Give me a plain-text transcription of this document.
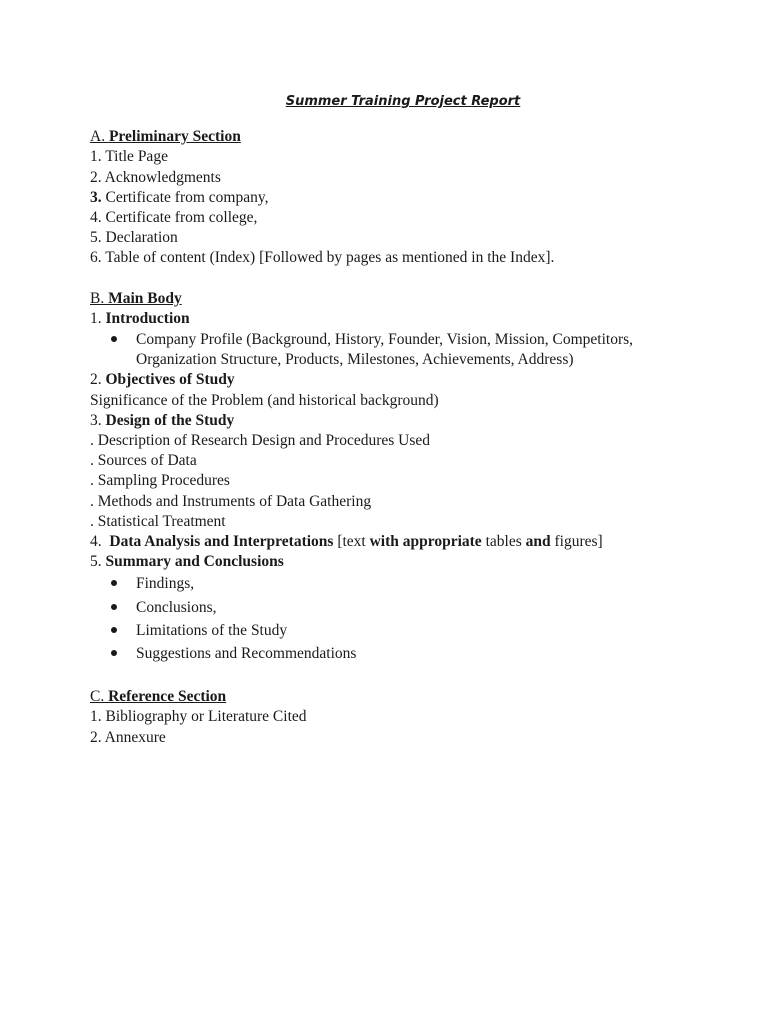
Summer Training Project Report

A. Preliminary Section

1. Title Page

2. Acknowledgments

3. Certificate from company,

4. Certificate from college,

5. Declaration

6. Table of content (Index) [Followed by pages as mentioned in the Index].

B. Main Body

1. Introduction

Company Profile (Background, History, Founder, Vision, Mission, Competitors, Organization Structure, Products, Milestones, Achievements, Address)

2. Objectives of Study

Significance of the Problem (and historical background)

3. Design of the Study

. Description of Research Design and Procedures Used

. Sources of Data

. Sampling Procedures

. Methods and Instruments of Data Gathering

. Statistical Treatment

4.  Data Analysis and Interpretations [text with appropriate tables and figures]

5. Summary and Conclusions

Findings,
Conclusions,
Limitations of the Study
Suggestions and Recommendations

C. Reference Section

1. Bibliography or Literature Cited

2. Annexure
